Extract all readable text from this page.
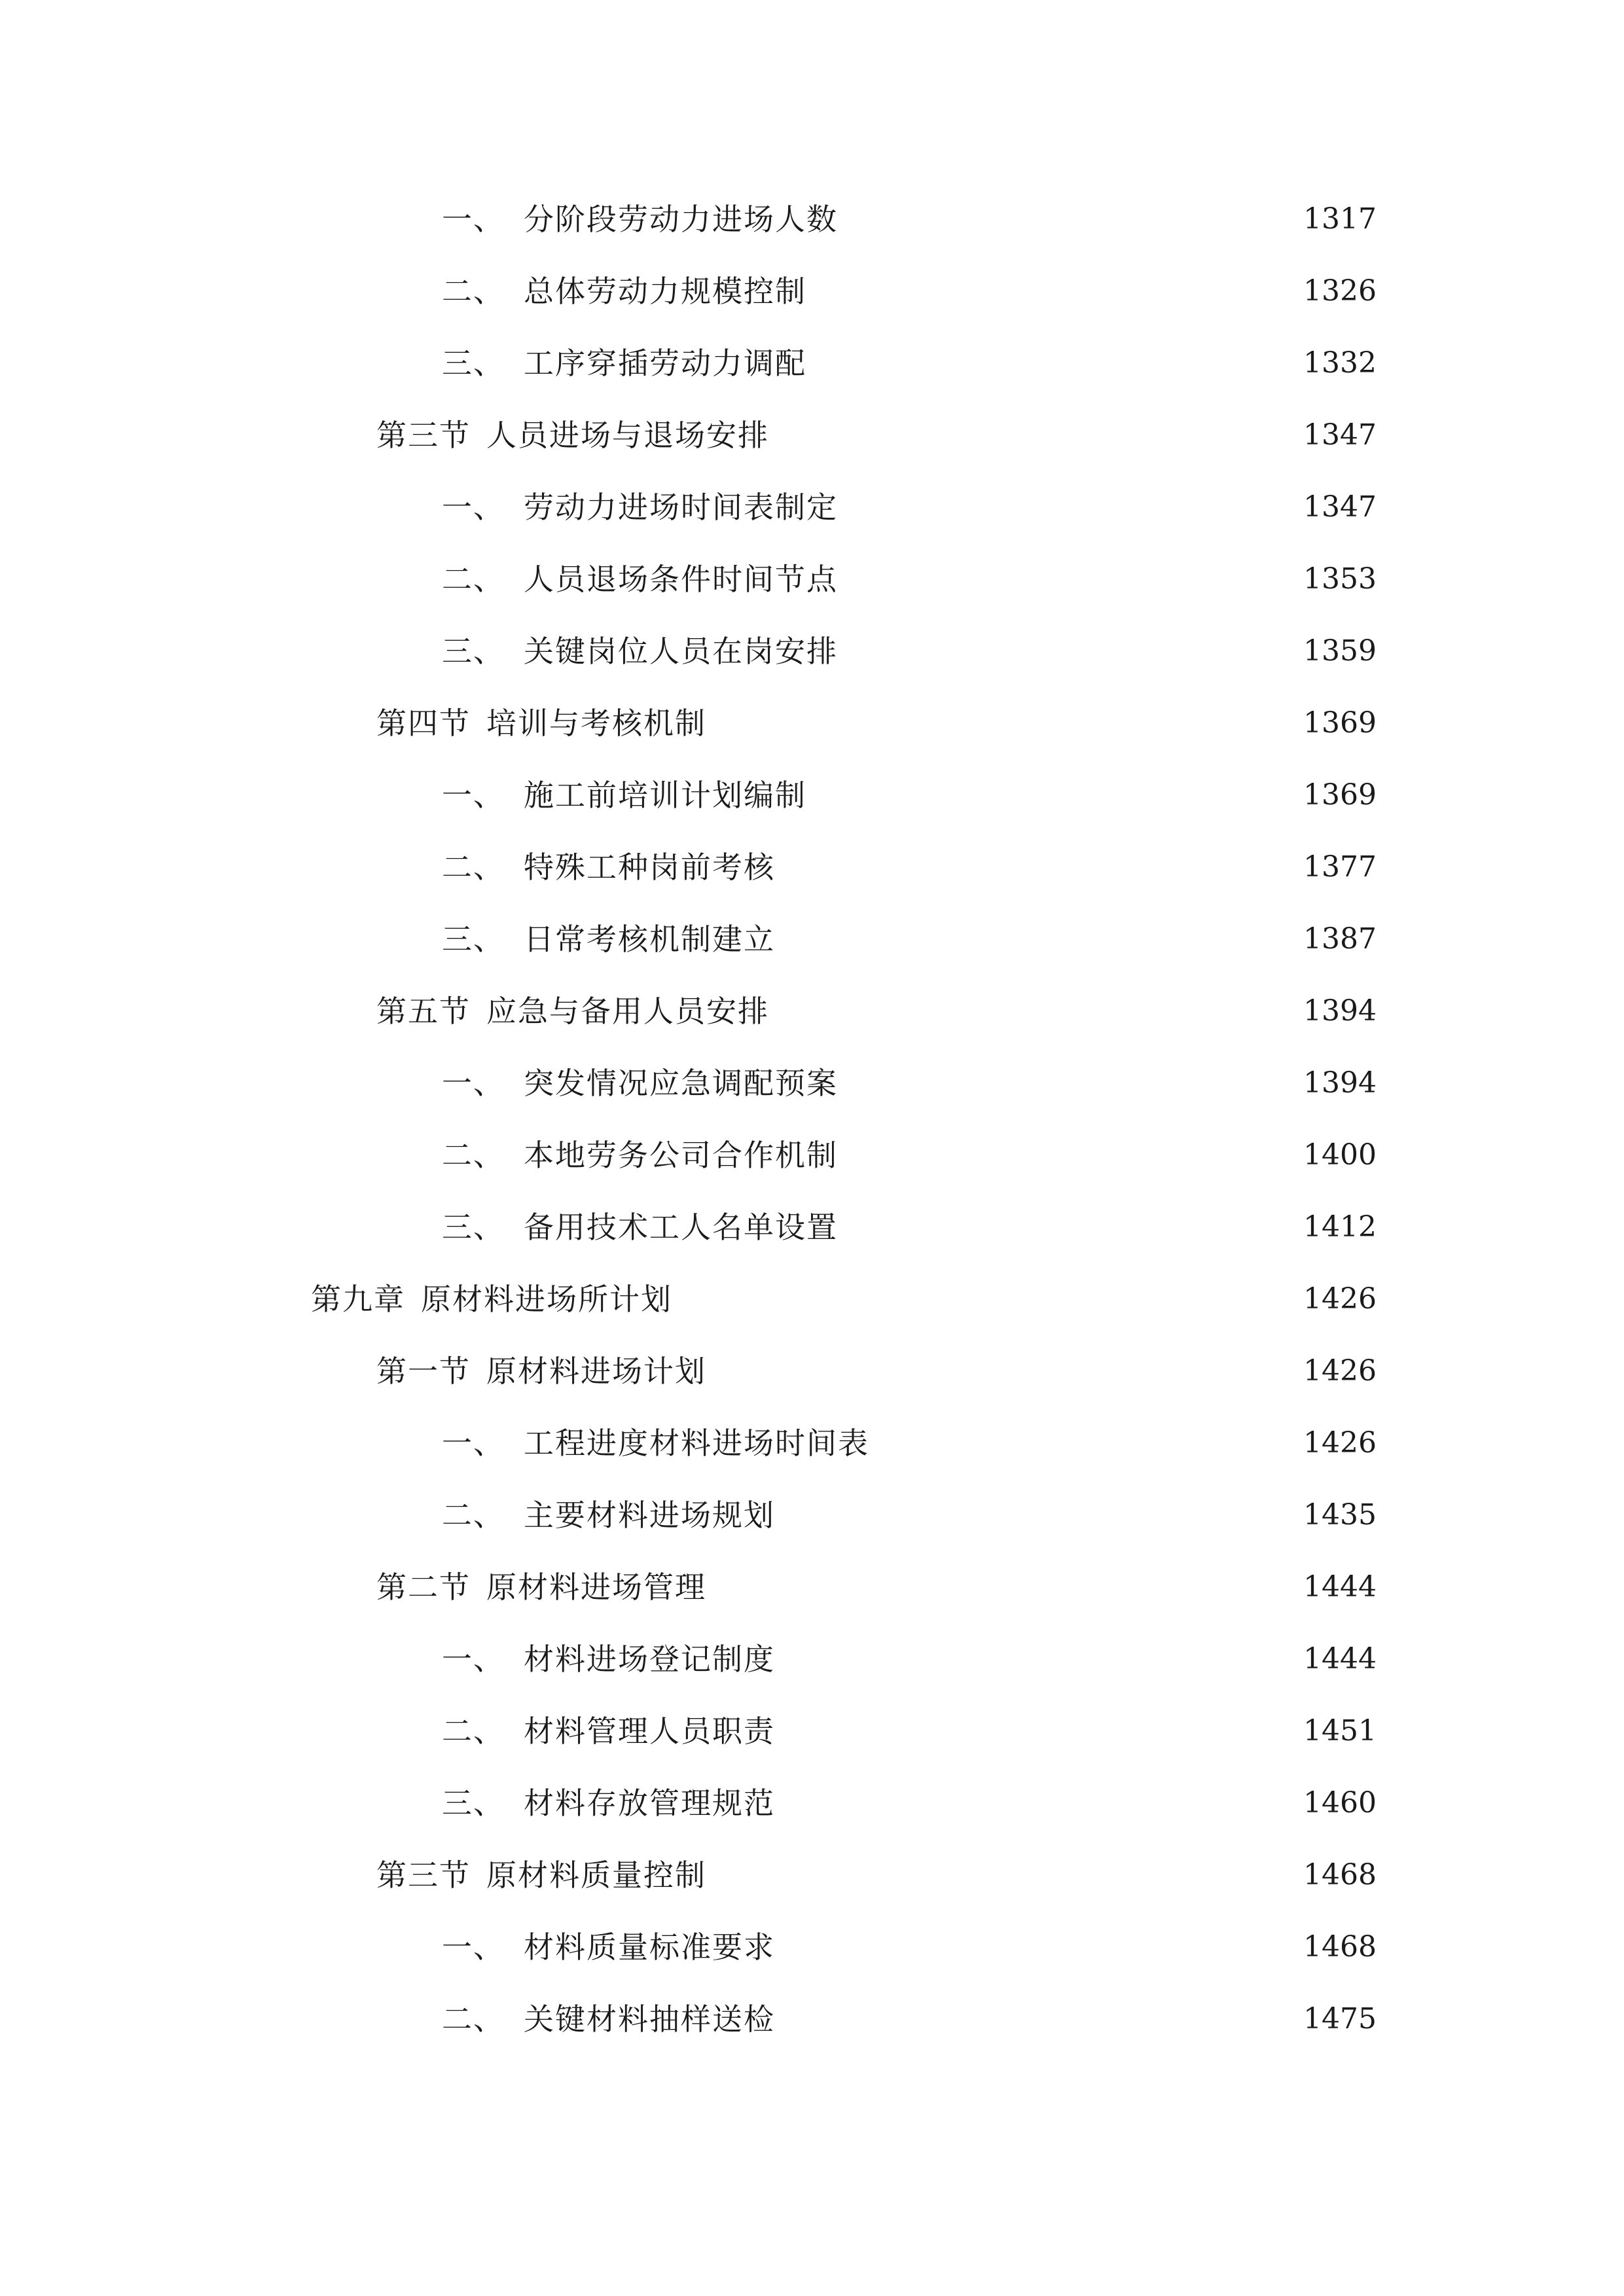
一、 分阶段劳动力进场人数	1317
二、 总体劳动力规模控制	1326
三、 工序穿插劳动力调配	1332
第三节 人员进场与退场安排	1347
一、 劳动力进场时间表制定	1347
二、 人员退场条件时间节点	1353
三、 关键岗位人员在岗安排	1359
第四节 培训与考核机制	1369
一、 施工前培训计划编制	1369
二、 特殊工种岗前考核	1377
三、 日常考核机制建立	1387
第五节 应急与备用人员安排	1394
一、 突发情况应急调配预案	1394
二、 本地劳务公司合作机制	1400
三、 备用技术工人名单设置	1412
第九章 原材料进场所计划	1426
第一节 原材料进场计划	1426
一、 工程进度材料进场时间表	1426
二、 主要材料进场规划	1435
第二节 原材料进场管理	1444
一、 材料进场登记制度	1444
二、 材料管理人员职责	1451
三、 材料存放管理规范	1460
第三节 原材料质量控制	1468
一、 材料质量标准要求	1468
二、 关键材料抽样送检	1475
